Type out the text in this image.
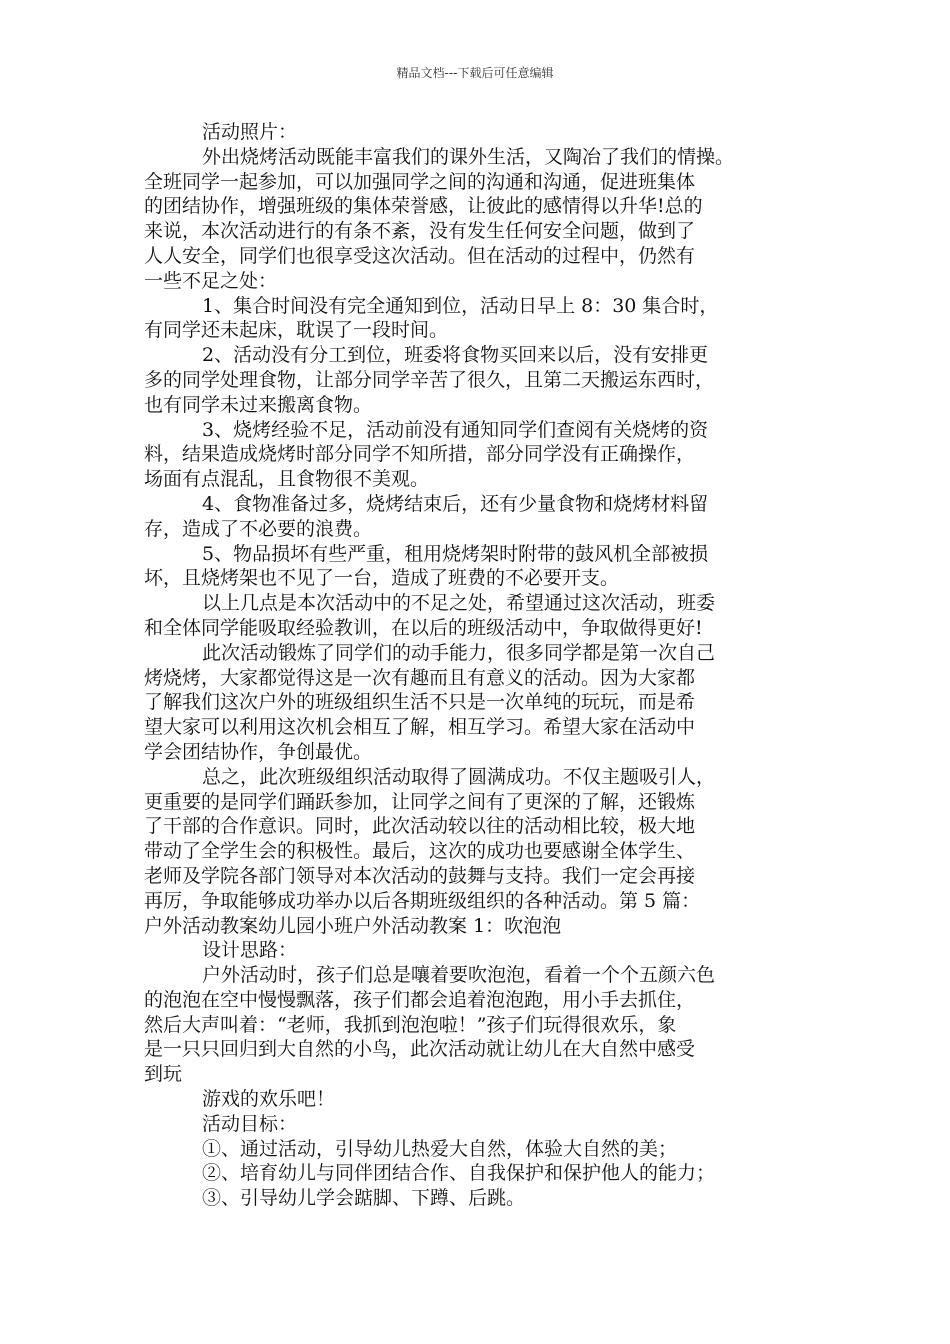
精品文档---下载后可任意编辑
活动照片：
外出烧烤活动既能丰富我们的课外生活，又陶冶了我们的情操。
全班同学一起参加，可以加强同学之间的沟通和沟通，促进班集体
的团结协作，增强班级的集体荣誉感，让彼此的感情得以升华!总的
来说，本次活动进行的有条不紊，没有发生任何安全问题，做到了
人人安全，同学们也很享受这次活动。但在活动的过程中，仍然有
一些不足之处：
1、集合时间没有完全通知到位，活动日早上 8：30 集合时，
有同学还未起床，耽误了一段时间。
2、活动没有分工到位，班委将食物买回来以后，没有安排更
多的同学处理食物，让部分同学辛苦了很久，且第二天搬运东西时，
也有同学未过来搬离食物。
3、烧烤经验不足，活动前没有通知同学们查阅有关烧烤的资
料，结果造成烧烤时部分同学不知所措，部分同学没有正确操作，
场面有点混乱，且食物很不美观。
4、食物准备过多，烧烤结束后，还有少量食物和烧烤材料留
存，造成了不必要的浪费。
5、物品损坏有些严重，租用烧烤架时附带的鼓风机全部被损
坏，且烧烤架也不见了一台，造成了班费的不必要开支。
以上几点是本次活动中的不足之处，希望通过这次活动，班委
和全体同学能吸取经验教训，在以后的班级活动中，争取做得更好!
此次活动锻炼了同学们的动手能力，很多同学都是第一次自己
烤烧烤，大家都觉得这是一次有趣而且有意义的活动。因为大家都
了解我们这次户外的班级组织生活不只是一次单纯的玩玩，而是希
望大家可以利用这次机会相互了解，相互学习。希望大家在活动中
学会团结协作，争创最优。
总之，此次班级组织活动取得了圆满成功。不仅主题吸引人，
更重要的是同学们踊跃参加，让同学之间有了更深的了解，还锻炼
了干部的合作意识。同时，此次活动较以往的活动相比较，极大地
带动了全学生会的积极性。最后，这次的成功也要感谢全体学生、
老师及学院各部门领导对本次活动的鼓舞与支持。我们一定会再接
再厉，争取能够成功举办以后各期班级组织的各种活动。第 5 篇：
户外活动教案幼儿园小班户外活动教案 1：吹泡泡
设计思路：
户外活动时，孩子们总是嚷着要吹泡泡，看着一个个五颜六色
的泡泡在空中慢慢飘落，孩子们都会追着泡泡跑，用小手去抓住，
然后大声叫着：“老师，我抓到泡泡啦！”孩子们玩得很欢乐，象
是一只只回归到大自然的小鸟，此次活动就让幼儿在大自然中感受
到玩
游戏的欢乐吧！
活动目标：
①、通过活动，引导幼儿热爱大自然，体验大自然的美；
②、培育幼儿与同伴团结合作、自我保护和保护他人的能力；
③、引导幼儿学会踮脚、下蹲、后跳。
